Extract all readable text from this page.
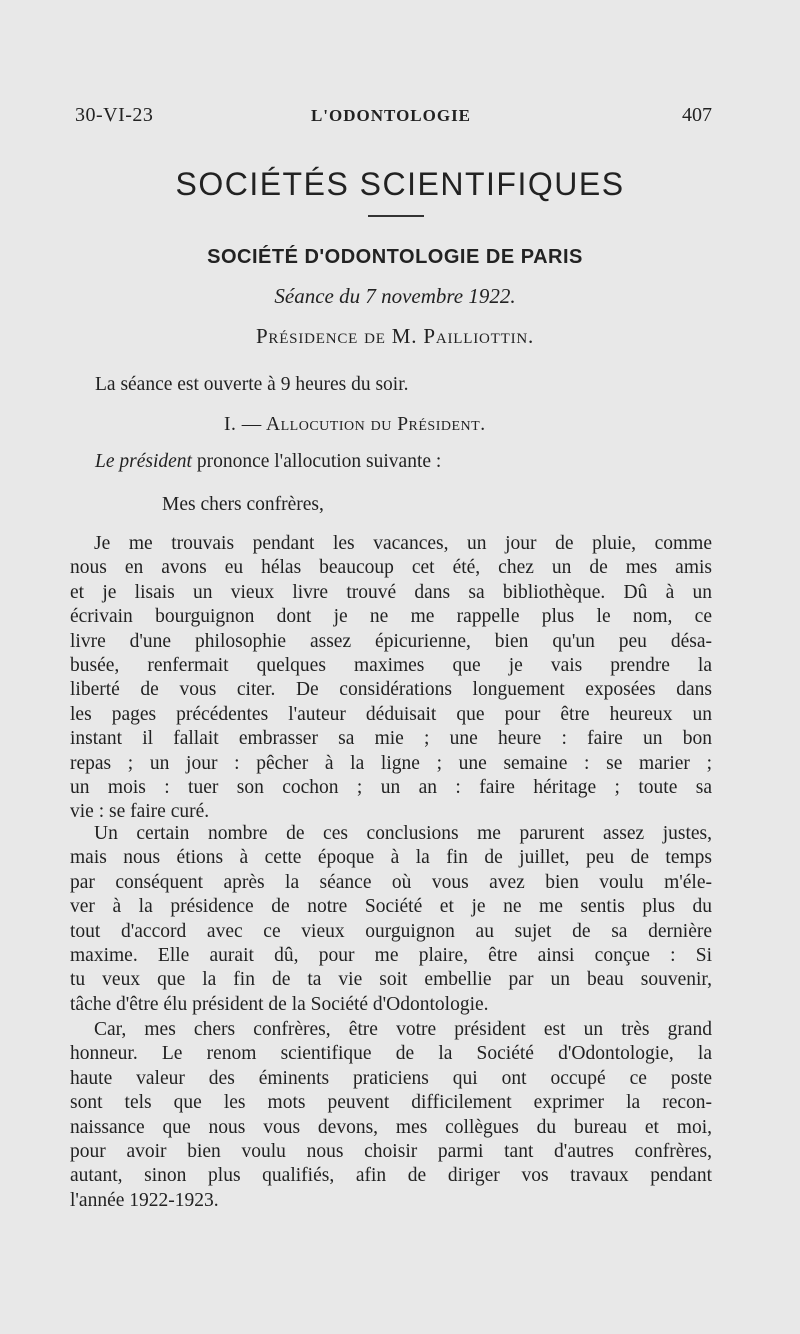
30-VI-23	L'ODONTOLOGIE	407
SOCIÉTÉS SCIENTIFIQUES
SOCIÉTÉ D'ODONTOLOGIE DE PARIS
Séance du 7 novembre 1922.
Présidence de M. Pailliottin.
La séance est ouverte à 9 heures du soir.
I. — Allocution du Président.
Le président prononce l'allocution suivante :
Mes chers confrères,
Je me trouvais pendant les vacances, un jour de pluie, comme
nous en avons eu hélas beaucoup cet été, chez un de mes amis
et je lisais un vieux livre trouvé dans sa bibliothèque. Dû à un
écrivain bourguignon dont je ne me rappelle plus le nom, ce
livre d'une philosophie assez épicurienne, bien qu'un peu désa-
busée, renfermait quelques maximes que je vais prendre la
liberté de vous citer. De considérations longuement exposées dans
les pages précédentes l'auteur déduisait que pour être heureux un
instant il fallait embrasser sa mie ; une heure : faire un bon
repas ; un jour : pêcher à la ligne ; une semaine : se marier ;
un mois : tuer son cochon ; un an : faire héritage ; toute sa
vie : se faire curé.
Un certain nombre de ces conclusions me parurent assez justes,
mais nous étions à cette époque à la fin de juillet, peu de temps
par conséquent après la séance où vous avez bien voulu m'éle-
ver à la présidence de notre Société et je ne me sentis plus du
tout d'accord avec ce vieux ourguignon au sujet de sa dernière
maxime. Elle aurait dû, pour me plaire, être ainsi conçue : Si
tu veux que la fin de ta vie soit embellie par un beau souvenir,
tâche d'être élu président de la Société d'Odontologie.
Car, mes chers confrères, être votre président est un très grand
honneur. Le renom scientifique de la Société d'Odontologie, la
haute valeur des éminents praticiens qui ont occupé ce poste
sont tels que les mots peuvent difficilement exprimer la recon-
naissance que nous vous devons, mes collègues du bureau et moi,
pour avoir bien voulu nous choisir parmi tant d'autres confrères,
autant, sinon plus qualifiés, afin de diriger vos travaux pendant
l'année 1922-1923.
